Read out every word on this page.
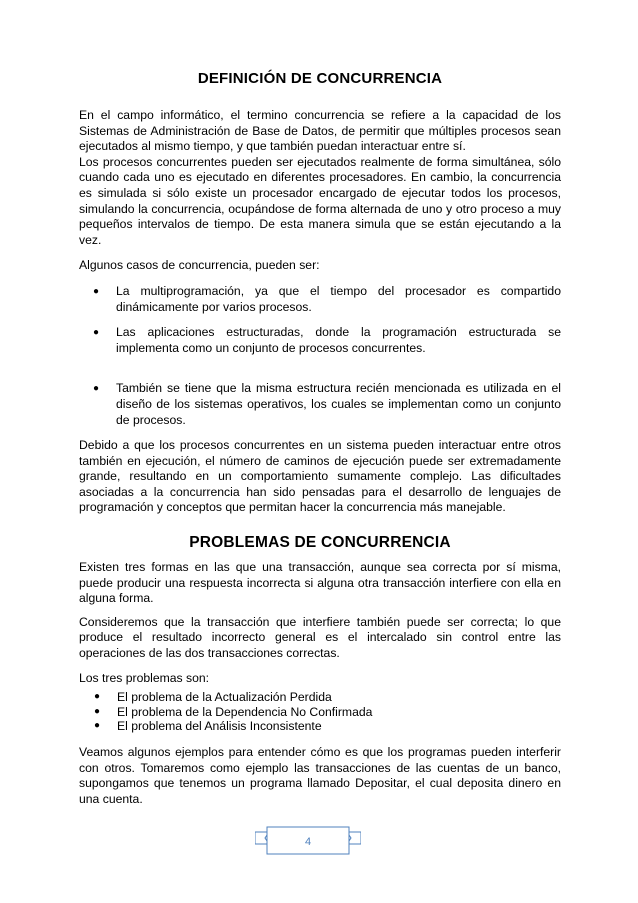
DEFINICIÓN DE CONCURRENCIA

En el campo informático, el termino concurrencia se refiere a la capacidad de los Sistemas de Administración de Base de Datos, de permitir que múltiples procesos sean ejecutados al mismo tiempo, y que también puedan interactuar entre sí.

Los procesos concurrentes pueden ser ejecutados realmente de forma simultánea, sólo cuando cada uno es ejecutado en diferentes procesadores. En cambio, la concurrencia es simulada si sólo existe un procesador encargado de ejecutar todos los procesos, simulando la concurrencia, ocupándose de forma alternada de uno y otro proceso a muy pequeños intervalos de tiempo. De esta manera simula que se están ejecutando a la vez.

Algunos casos de concurrencia, pueden ser:

● La multiprogramación, ya que el tiempo del procesador es compartido dinámicamente por varios procesos.
● Las aplicaciones estructuradas, donde la programación estructurada se implementa como un conjunto de procesos concurrentes.
● También se tiene que la misma estructura recién mencionada es utilizada en el diseño de los sistemas operativos, los cuales se implementan como un conjunto de procesos.

Debido a que los procesos concurrentes en un sistema pueden interactuar entre otros también en ejecución, el número de caminos de ejecución puede ser extremadamente grande, resultando en un comportamiento sumamente complejo. Las dificultades asociadas a la concurrencia han sido pensadas para el desarrollo de lenguajes de programación y conceptos que permitan hacer la concurrencia más manejable.

PROBLEMAS DE CONCURRENCIA

Existen tres formas en las que una transacción, aunque sea correcta por sí misma, puede producir una respuesta incorrecta si alguna otra transacción interfiere con ella en alguna forma.

Consideremos que la transacción que interfiere también puede ser correcta; lo que produce el resultado incorrecto general es el intercalado sin control entre las operaciones de las dos transacciones correctas.

Los tres problemas son:

● El problema de la Actualización Perdida
● El problema de la Dependencia No Confirmada
● El problema del Análisis Inconsistente

Veamos algunos ejemplos para entender cómo es que los programas pueden interferir con otros. Tomaremos como ejemplo las transacciones de las cuentas de un banco, supongamos que tenemos un programa llamado Depositar, el cual deposita dinero en una cuenta.

4
